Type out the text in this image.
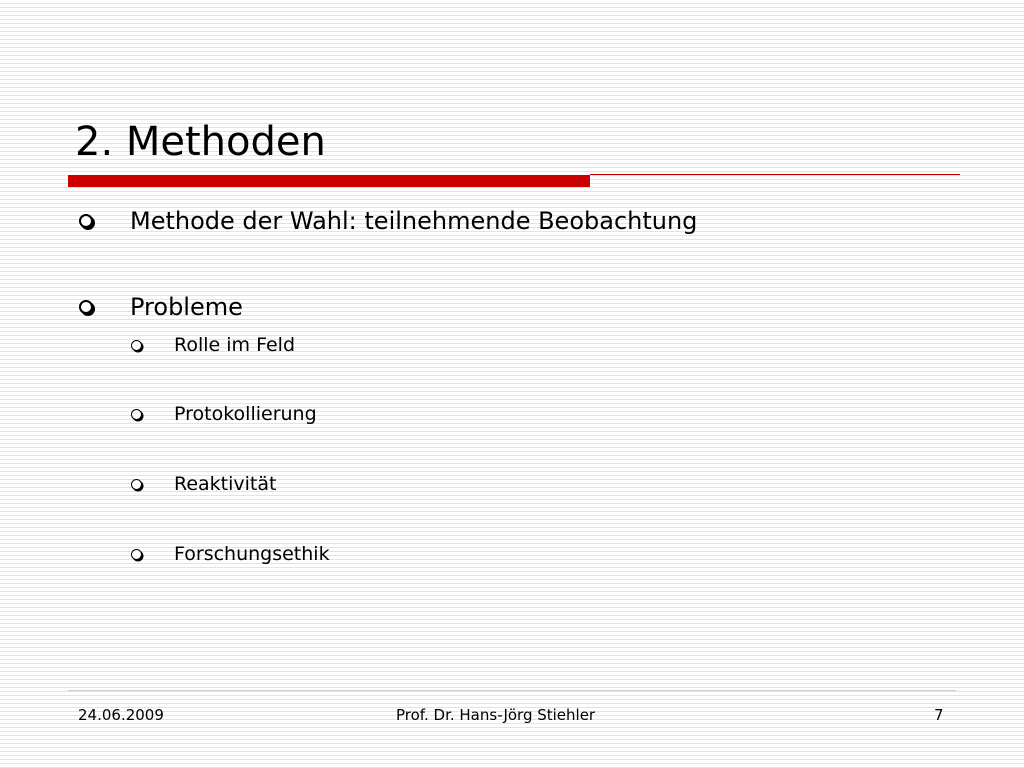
2. Methoden
Methode der Wahl: teilnehmende Beobachtung
Probleme
Rolle im Feld
Protokollierung
Reaktivität
Forschungsethik
24.06.2009	Prof. Dr. Hans-Jörg Stiehler	7
